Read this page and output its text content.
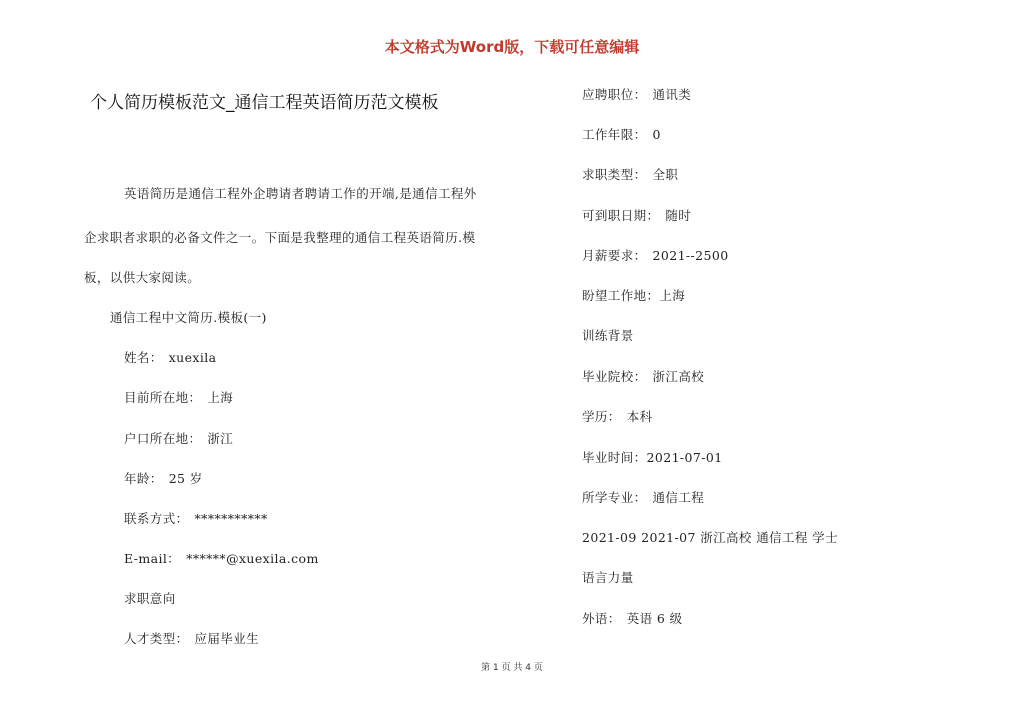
本文格式为Word版，下载可任意编辑
个人简历模板范文_通信工程英语简历范文模板
英语简历是通信工程外企聘请者聘请工作的开端,是通信工程外
企求职者求职的必备文件之一。下面是我整理的通信工程英语简历.模
板，以供大家阅读。
通信工程中文简历.模板(一)
姓名： xuexila
目前所在地： 上海
户口所在地： 浙江
年龄： 25 岁
联系方式： ***********
E-mail： ******@xuexila.com
求职意向
人才类型： 应届毕业生
应聘职位： 通讯类
工作年限： 0
求职类型： 全职
可到职日期： 随时
月薪要求： 2021--2500
盼望工作地：上海
训练背景
毕业院校： 浙江高校
学历： 本科
毕业时间：2021-07-01
所学专业： 通信工程
2021-09 2021-07 浙江高校 通信工程 学士
语言力量
外语： 英语 6 级
第 1 页 共 4 页
